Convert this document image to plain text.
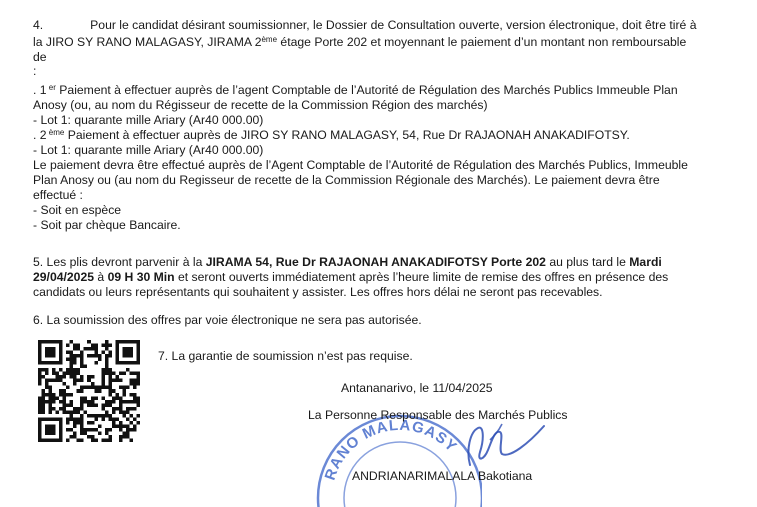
4.	Pour le candidat désirant soumissionner, le Dossier de Consultation ouverte, version électronique, doit être tiré à
la JIRO SY RANO MALAGASY, JIRAMA 2ème étage Porte 202 et moyennant le paiement d’un montant non remboursable
de
:
. 1 $^{er}$ Paiement à effectuer auprès de l’agent Comptable de l’Autorité de Régulation des Marchés Publics Immeuble Plan
Anosy (ou, au nom du Régisseur de recette de la Commission Région des marchés)
- Lot 1: quarante mille Ariary (Ar40 000.00)
. 2 $^{ème}$ Paiement à effectuer auprès de JIRO SY RANO MALAGASY, 54, Rue Dr RAJAONAH ANAKADIFOTSY.
- Lot 1: quarante mille Ariary (Ar40 000.00)
Le paiement devra être effectué auprès de l’Agent Comptable de l’Autorité de Régulation des Marchés Publics, Immeuble
Plan Anosy ou (au nom du Regisseur de recette de la Commission Régionale des Marchés). Le paiement devra être
effectué :
- Soit en espèce
- Soit par chèque Bancaire.
5. Les plis devront parvenir à la JIRAMA 54, Rue Dr RAJAONAH ANAKADIFOTSY Porte 202 au plus tard le Mardi
29/04/2025 à 09 H 30 Min et seront ouverts immédiatement après l’heure limite de remise des offres en présence des
candidats ou leurs représentants qui souhaitent y assister. Les offres hors délai ne seront pas recevables.
6. La soumission des offres par voie électronique ne sera pas autorisée.
7. La garantie de soumission n’est pas requise.
RANO MALAGASY
Antananarivo, le 11/04/2025
La Personne Responsable des Marchés Publics
ANDRIANARIMALALA Bakotiana
